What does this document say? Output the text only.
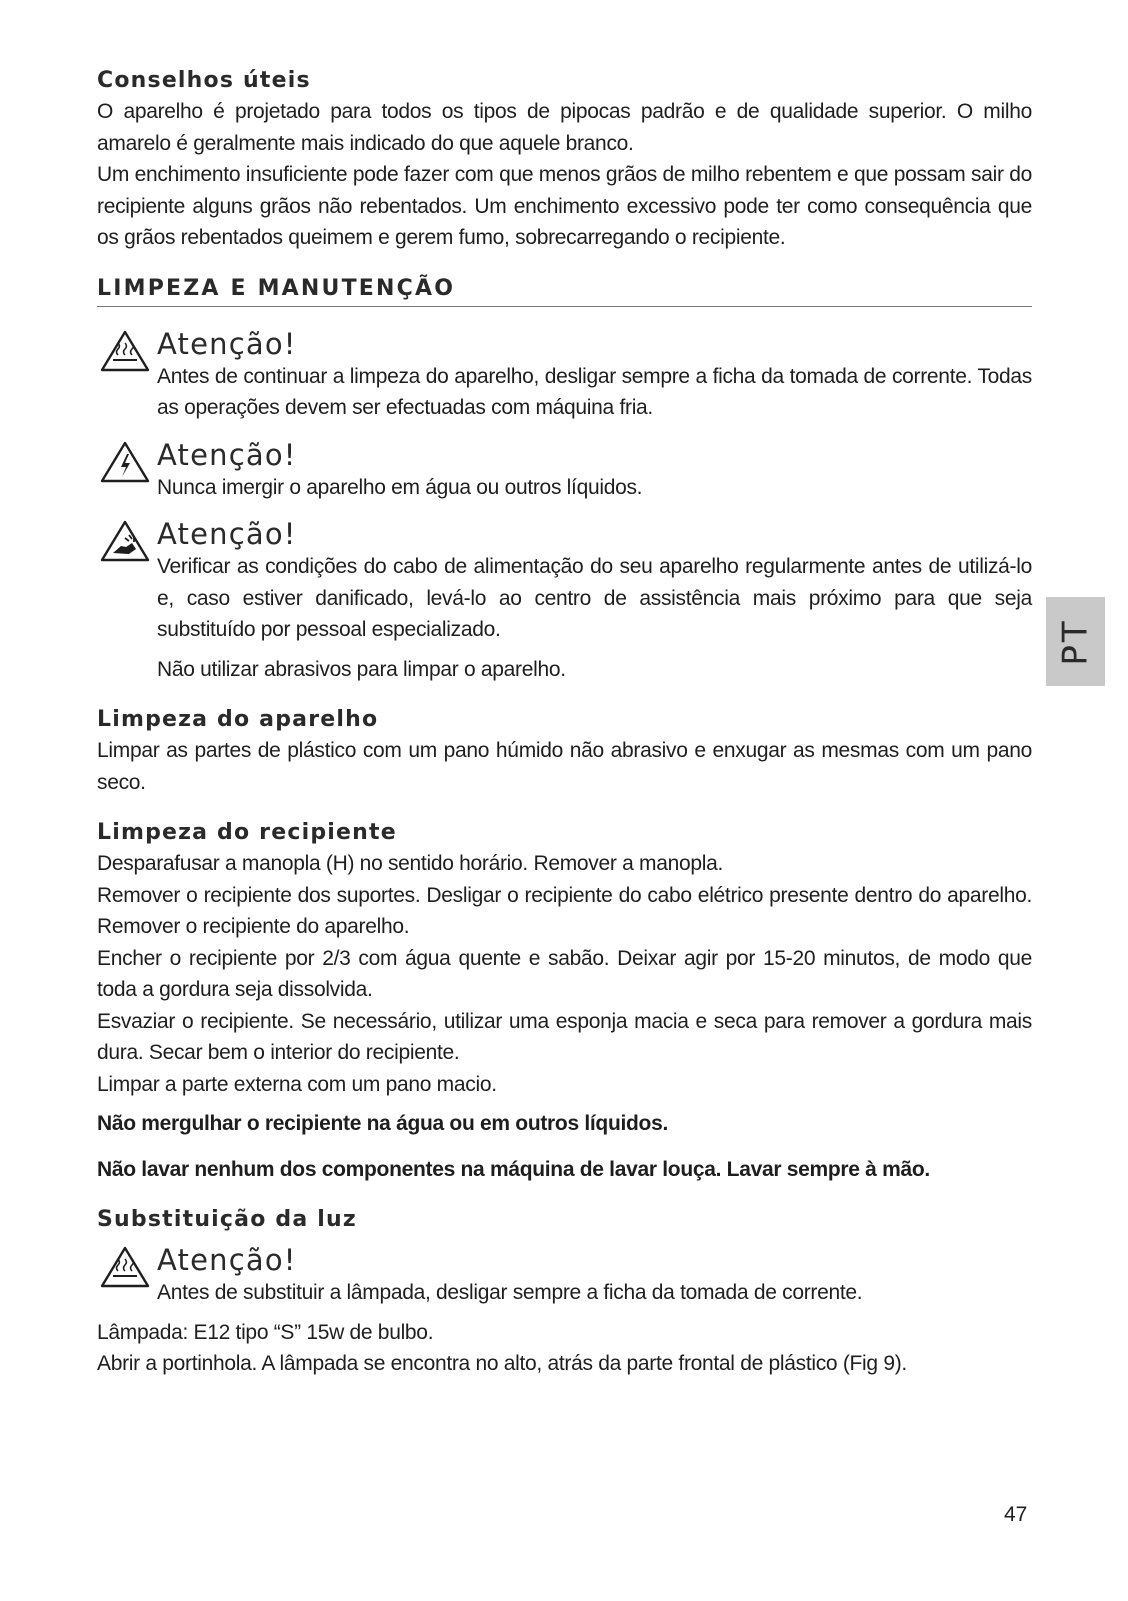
Conselhos úteis

O aparelho é projetado para todos os tipos de pipocas padrão e de qualidade superior. O milho amarelo é geralmente mais indicado do que aquele branco.

Um enchimento insuficiente pode fazer com que menos grãos de milho rebentem e que possam sair do recipiente alguns grãos não rebentados. Um enchimento excessivo pode ter como consequência que os grãos rebentados queimem e gerem fumo, sobrecarregando o recipiente.

LIMPEZA E MANUTENÇÃO

Atenção!

Antes de continuar a limpeza do aparelho, desligar sempre a ficha da tomada de corrente. Todas as operações devem ser efectuadas com máquina fria.

Atenção!

Nunca imergir o aparelho em água ou outros líquidos.

Atenção!

Verificar as condições do cabo de alimentação do seu aparelho regularmente antes de utilizá-lo e, caso estiver danificado, levá-lo ao centro de assistência mais próximo para que seja substituído por pessoal especializado.

Não utilizar abrasivos para limpar o aparelho.

Limpeza do aparelho

Limpar as partes de plástico com um pano húmido não abrasivo e enxugar as mesmas com um pano seco.

Limpeza do recipiente

Desparafusar a manopla (H) no sentido horário. Remover a manopla.

Remover o recipiente dos suportes. Desligar o recipiente do cabo elétrico presente dentro do aparelho. Remover o recipiente do aparelho.

Encher o recipiente por 2/3 com água quente e sabão. Deixar agir por 15-20 minutos, de modo que toda a gordura seja dissolvida.

Esvaziar o recipiente. Se necessário, utilizar uma esponja macia e seca para remover a gordura mais dura. Secar bem o interior do recipiente.

Limpar a parte externa com um pano macio.

Não mergulhar o recipiente na água ou em outros líquidos.

Não lavar nenhum dos componentes na máquina de lavar louça. Lavar sempre à mão.

Substituição da luz

Atenção!

Antes de substituir a lâmpada, desligar sempre a ficha da tomada de corrente.

Lâmpada: E12 tipo “S” 15w de bulbo.

Abrir a portinhola. A lâmpada se encontra no alto, atrás da parte frontal de plástico (Fig 9).

PT
47
